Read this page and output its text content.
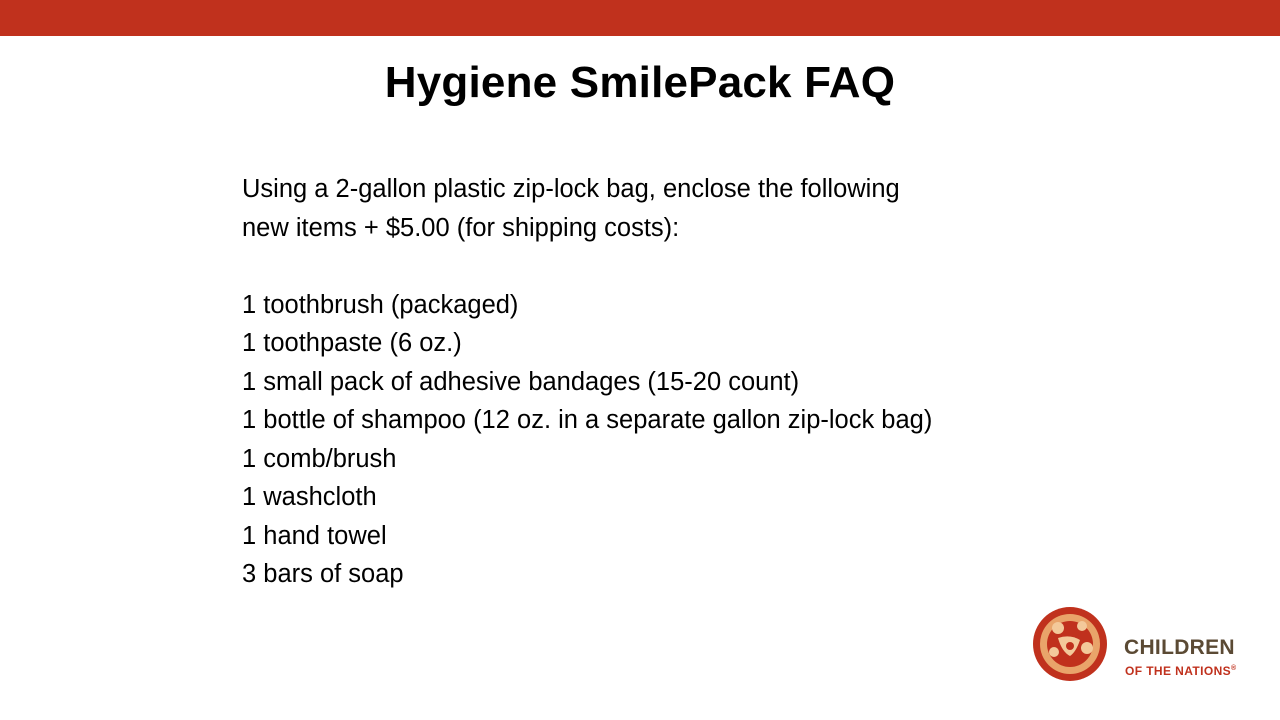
Hygiene SmilePack FAQ
Using a 2-gallon plastic zip-lock bag, enclose the following
new items + $5.00 (for shipping costs):
1 toothbrush (packaged)
1 toothpaste (6 oz.)
1 small pack of adhesive bandages (15-20 count)
1 bottle of shampoo (12 oz. in a separate gallon zip-lock bag)
1 comb/brush
1 washcloth
1 hand towel
3 bars of soap
CHILDREN
OF THE NATIONS®
